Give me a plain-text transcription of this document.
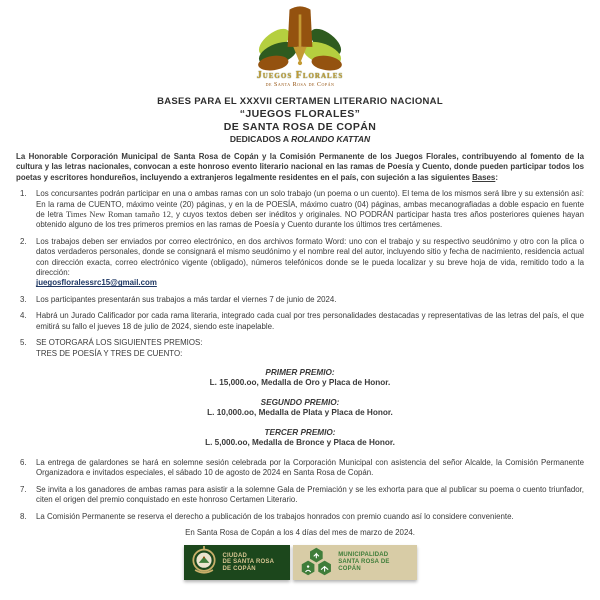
Juegos Florales
de Santa Rosa de Copán
BASES PARA EL XXXVII CERTAMEN LITERARIO NACIONAL
“JUEGOS FLORALES”
DE SANTA ROSA DE COPÁN
DEDICADOS A ROLANDO KATTAN

La Honorable Corporación Municipal de Santa Rosa de Copán y la Comisión Permanente de los Juegos Florales, contribuyendo al fomento de la cultura y las letras nacionales, convocan a este honroso evento literario nacional en las ramas de Poesía y Cuento, donde pueden participar todos los poetas y escritores hondureños, incluyendo a extranjeros legalmente residentes en el país, con sujeción a las siguientes Bases:

1.	Los concursantes podrán participar en una o ambas ramas con un solo trabajo (un poema o un cuento). El tema de los mismos será libre y su extensión así: En la rama de CUENTO, máximo veinte (20) páginas, y en la de POESÍA, máximo cuatro (04) páginas, ambas mecanografiadas a doble espacio en fuente de letra Times New Roman tamaño 12, y cuyos textos deben ser inéditos y originales. NO PODRÁN participar hasta tres años posteriores quienes hayan obtenido alguno de los tres primeros premios en las ramas de Poesía y Cuento durante los últimos tres certámenes.
2.	Los trabajos deben ser enviados por correo electrónico, en dos archivos formato Word: uno con el trabajo y su respectivo seudónimo y otro con la plica o datos verdaderos personales, donde se consignará el mismo seudónimo y el nombre real del autor, incluyendo sitio y fecha de nacimiento, residencia actual con dirección exacta, correo electrónico vigente (obligado), números telefónicos donde se le pueda localizar y su breve hoja de vida, remitido todo a la dirección:
juegosfloralessrc15@gmail.com
3.	Los participantes presentarán sus trabajos a más tardar el viernes 7 de junio de 2024.
4.	Habrá un Jurado Calificador por cada rama literaria, integrado cada cual por tres personalidades destacadas y representativas de las letras del país, el que emitirá su fallo el jueves 18 de julio de 2024, siendo este inapelable.
5.	SE OTORGARÁ LOS SIGUIENTES PREMIOS:
TRES DE POESÍA Y TRES DE CUENTO:
PRIMER PREMIO:
L. 15,000.oo, Medalla de Oro y Placa de Honor.
SEGUNDO PREMIO:
L. 10,000.oo, Medalla de Plata y Placa de Honor.
TERCER PREMIO:
L. 5,000.oo, Medalla de Bronce y Placa de Honor.
6.	La entrega de galardones se hará en solemne sesión celebrada por la Corporación Municipal con asistencia del señor Alcalde, la Comisión Permanente Organizadora e invitados especiales, el sábado 10 de agosto de 2024 en Santa Rosa de Copán.
7.	Se invita a los ganadores de ambas ramas para asistir a la solemne Gala de Premiación y se les exhorta para que al publicar su poema o cuento triunfador, citen el origen del premio conquistado en este honroso Certamen Literario.
8.	La Comisión Permanente se reserva el derecho a publicación de los trabajos honrados con premio cuando así lo considere conveniente.

En Santa Rosa de Copán a los 4 días del mes de marzo de 2024.

CIUDAD
DE SANTA ROSA
DE COPÁN
MUNICIPALIDAD
SANTA ROSA DE COPÁN
